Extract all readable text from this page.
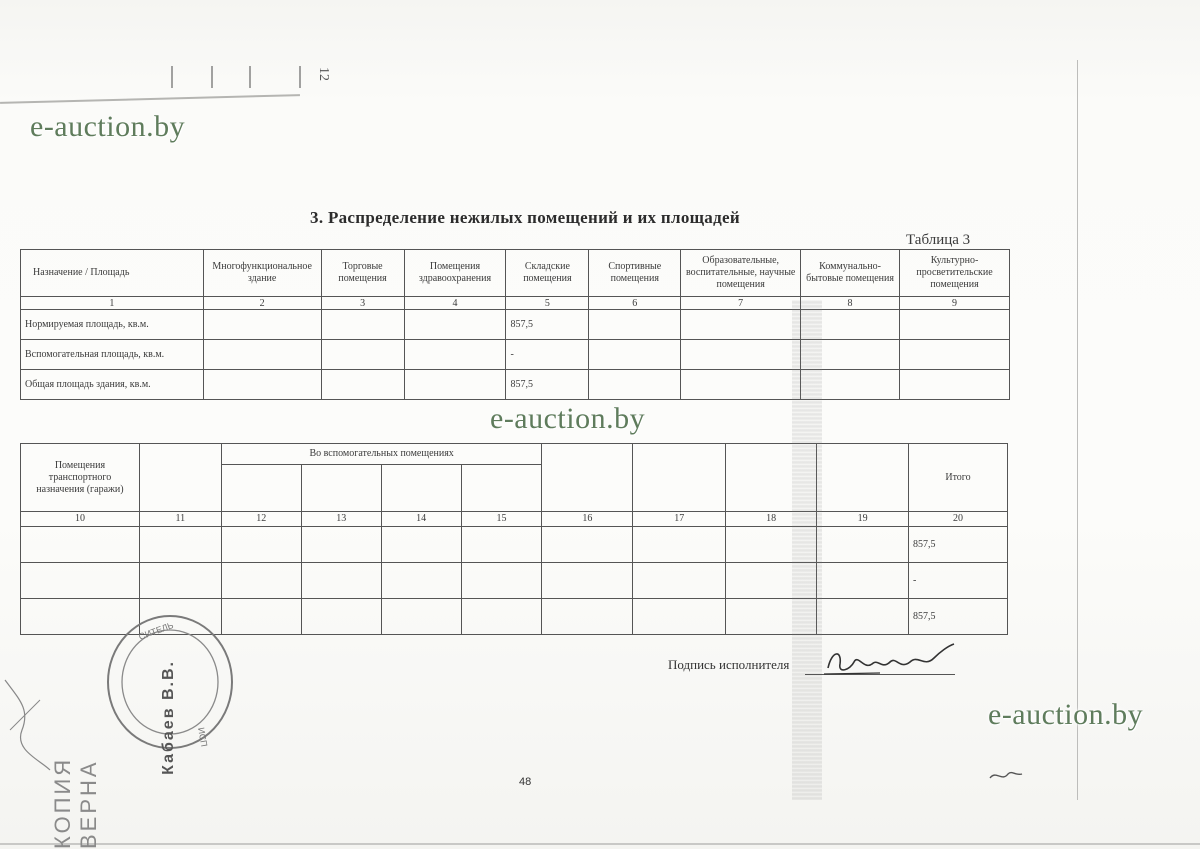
12
e-auction.by
e-auction.by
e-auction.by
3. Распределение нежилых помещений и их площадей
Таблица 3
Назначение / Площадь	Многофункциональное здание	Торговые помещения	Помещения здравоохранения	Складские помещения	Спортивные помещения	Образовательные, воспитательные, научные помещения	Коммунально-бытовые помещения	Культурно-просветительские помещения
1	2	3	4	5	6	7	8	9
Нормируемая площадь, кв.м.				857,5				
Вспомогательная площадь, кв.м.				-				
Общая площадь здания, кв.м.				857,5				
Помещения транспортного назначения (гаражи)		Во вспомогательных помещениях								Итого

10	11	12	13	14	15	16	17	18	19	20
										857,5
										-
										857,5
Подпись исполнителя
СИТЕЛЬ
ИСП
Кабаев В.В.
КОПИЯ ВЕРНА	48
